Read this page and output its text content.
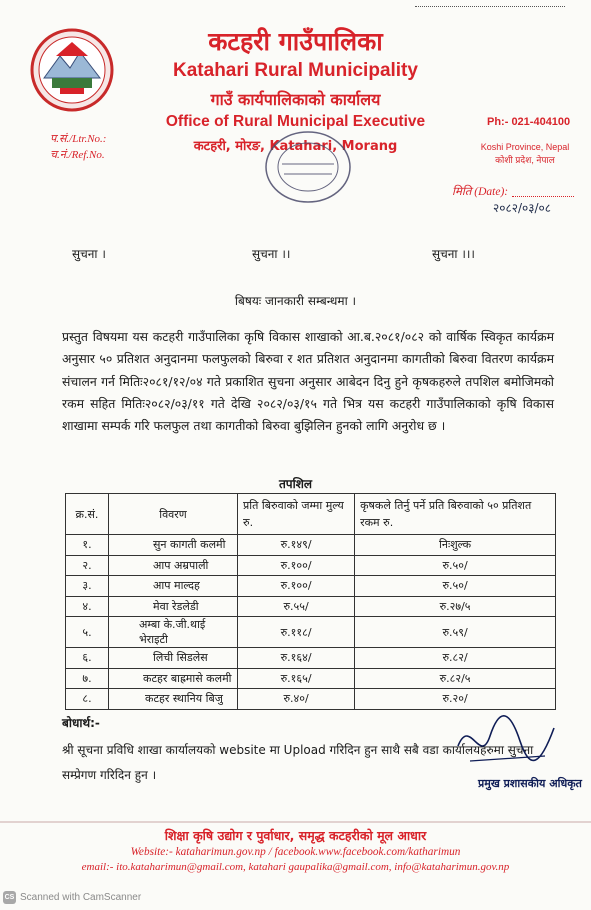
कटहरी गाउँपालिका
Katahari Rural Municipality
गाउँ कार्यपालिकाको कार्यालय
Office of Rural Municipal Executive
कटहरी, मोरङ, Katahari, Morang
प.सं./Ltr.No.:
च.नं./Ref.No.
Ph:- 021-404100
Koshi Province, Nepal
कोशी प्रदेश, नेपाल
मिति (Date):
२०८२/०३/०८
सुचना ।	सुचना ।।	सुचना ।।।
बिषयः जानकारी सम्बन्धमा ।
प्रस्तुत विषयमा यस कटहरी गाउँपालिका कृषि विकास शाखाको आ.ब.२०८१/०८२ को वार्षिक स्विकृत कार्यक्रम अनुसार ५० प्रतिशत अनुदानमा फलफुलको बिरुवा र शत प्रतिशत अनुदानमा कागतीको बिरुवा वितरण कार्यक्रम संचालन गर्न मितिः२०८१/१२/०४ गते प्रकाशित सुचना अनुसार आबेदन दिनु हुने कृषकहरुले तपशिल बमोजिमको रकम सहित मितिः२०८२/०३/११ गते देखि २०८२/०३/१५ गते भित्र यस कटहरी गाउँपालिकाको कृषि विकास शाखामा सम्पर्क गरि फलफुल तथा कागतीको बिरुवा बुझिलिन हुनको लागि अनुरोध छ ।
तपशिल
क्र.सं.	विवरण	प्रति बिरुवाको जम्मा मुल्य रु.	कृषकले तिर्नु पर्ने प्रति बिरुवाको ५० प्रतिशत रकम रु.
१.	सुन कागती कलमी	रु.१४९/	निःशुल्क
२.	आप अम्रपाली	रु.१००/	रु.५०/
३.	आप माल्दह	रु.१००/	रु.५०/
४.	मेवा रेडलेडी	रु.५५/	रु.२७/५
५.	अम्बा के.जी.थाई भेराइटी	रु.११८/	रु.५९/
६.	लिची सिडलेस	रु.१६४/	रु.८२/
७.	कटहर बाह्रमासे कलमी	रु.१६५/	रु.८२/५
८.	कटहर स्थानिय बिजु	रु.४०/	रु.२०/
बोधार्थ:-
श्री सूचना प्रविधि शाखा कार्यालयको website मा Upload गरिदिन हुन साथै सबै वडा कार्यालयहरुमा सुचना सम्प्रेगण गरिदिन हुन ।
प्रमुख प्रशासकीय अधिकृत
शिक्षा कृषि उद्योग र पुर्वाधार, समृद्ध कटहरीको मूल आधार
Website:- kataharimun.gov.np / facebook.www.facebook.com/katharimun
email:- ito.kataharimun@gmail.com, katahari gaupalika@gmail.com, info@kataharimun.gov.np
CS Scanned with CamScanner
